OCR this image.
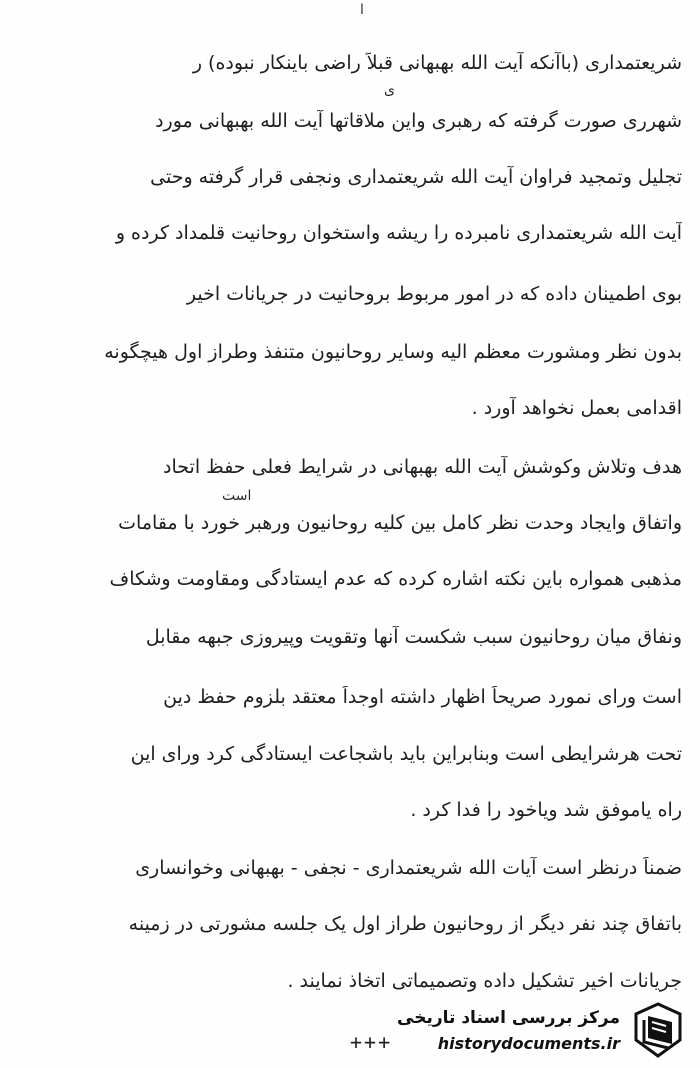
ا
ی
است
شریعتمداری (باآنکه آیت الله بهبهانی قبلاً راضی باینکار نبوده) ر
شهرری صورت گرفته که رهبری واین ملاقاتها آیت الله بهبهانی مورد
تجلیل وتمجید فراوان آیت الله شریعتمداری ونجفی قرار گرفته وحتی
آیت الله شریعتمداری نامبرده را ریشه واستخوان روحانیت قلمداد کرده و
بوی اطمینان داده که در امور مربوط بروحانیت در جریانات اخیر
بدون نظر ومشورت معظم الیه وسایر روحانیون متنفذ وطراز اول هیچگونه
اقدامی بعمل نخواهد آورد .
هدف وتلاش وکوشش آیت الله بهبهانی در شرایط فعلی حفظ اتحاد
واتفاق وایجاد وحدت نظر کامل بین کلیه روحانیون ورهبر خورد با مقامات
مذهبی همواره باین نکته اشاره کرده که عدم ایستادگی ومقاومت وشکاف
ونفاق میان روحانیون سبب شکست آنها وتقویت وپیروزی جبهه مقابل
است ورای نمورد صریحاً اظهار داشته اوجداً معتقد بلزوم حفظ دین
تحت هرشرایطی است وبنابراین باید باشجاعت ایستادگی کرد ورای این
راه یاموفق شد ویاخود را فدا کرد .
ضمناً درنظر است آیات الله شریعتمداری - نجفی - بهبهانی وخوانساری
باتفاق چند نفر دیگر از روحانیون طراز اول یک جلسه مشورتی در زمینه
جریانات اخیر تشکیل داده وتصمیماتی اتخاذ نمایند .
+++
مرکز بررسی اسناد تاریخی
historydocuments.ir
